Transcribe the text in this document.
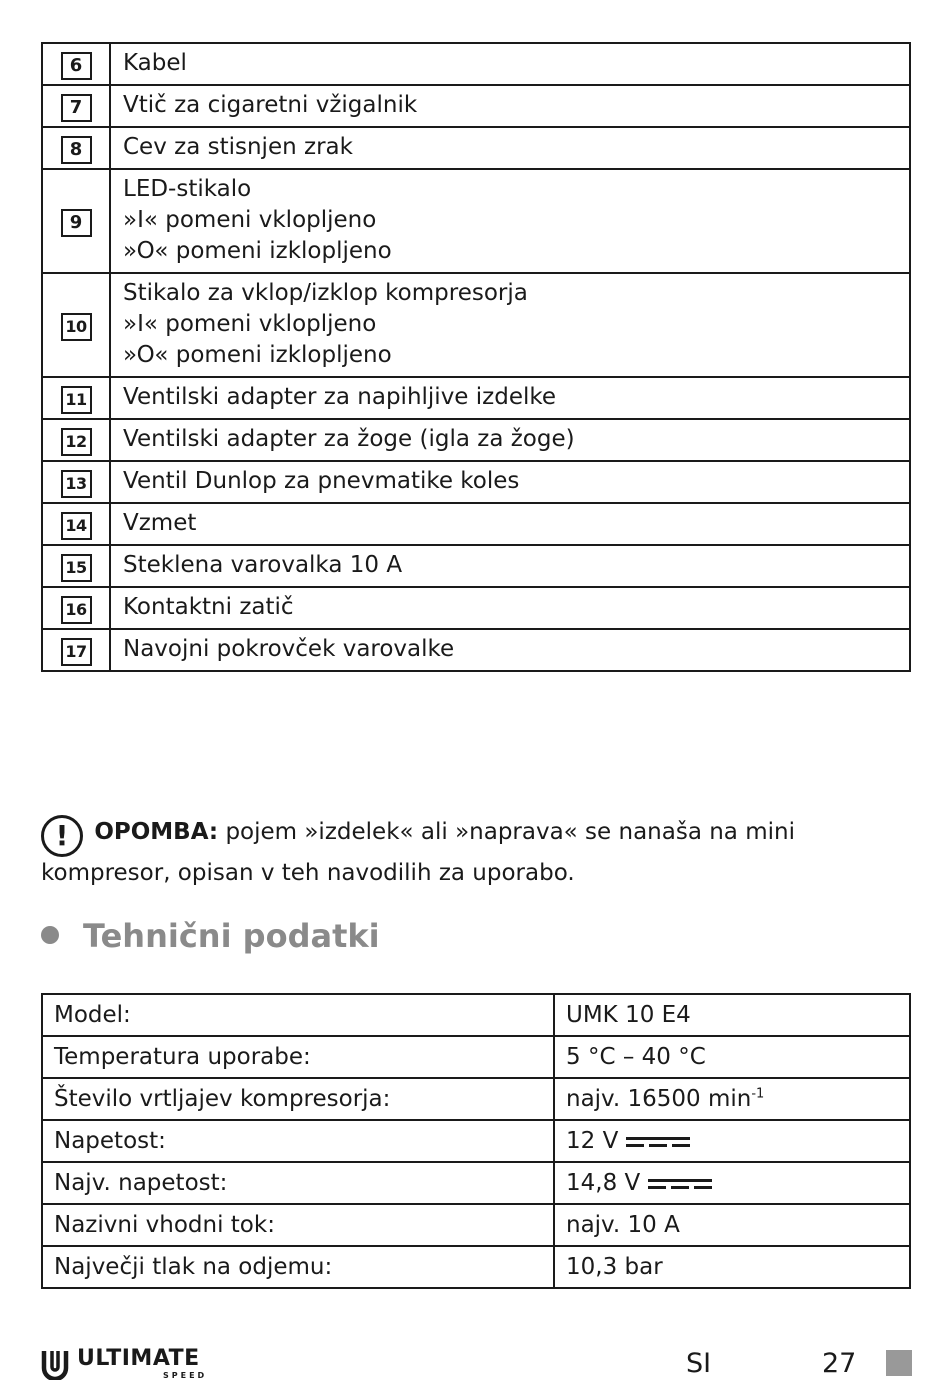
6	Kabel

7	Vtič za cigaretni vžigalnik

8	Cev za stisnjen zrak

9	LED-stikalo
»I« pomeni vklopljeno
»O« pomeni izklopljeno

10	Stikalo za vklop/izklop kompresorja
»I« pomeni vklopljeno
»O« pomeni izklopljeno

11	Ventilski adapter za napihljive izdelke

12	Ventilski adapter za žoge (igla za žoge)

13	Ventil Dunlop za pnevmatike koles

14	Vzmet

15	Steklena varovalka 10 A

16	Kontaktni zatič

17	Navojni pokrovček varovalke
! OPOMBA: pojem »izdelek« ali »naprava« se nanaša na mini kompresor, opisan v teh navodilih za uporabo.
Tehnični podatki
Model:	UMK 10 E4
Temperatura uporabe:	5 °C – 40 °C
Število vrtljajev kompresorja:	najv. 16500 $\min^{-1}$
Napetost:	12 V

Najv. napetost:	14,8 V

Nazivni vhodni tok:	najv. 10 A
Največji tlak na odjemu:	10,3 bar
ULTIMATE
SPEED	SI	27
